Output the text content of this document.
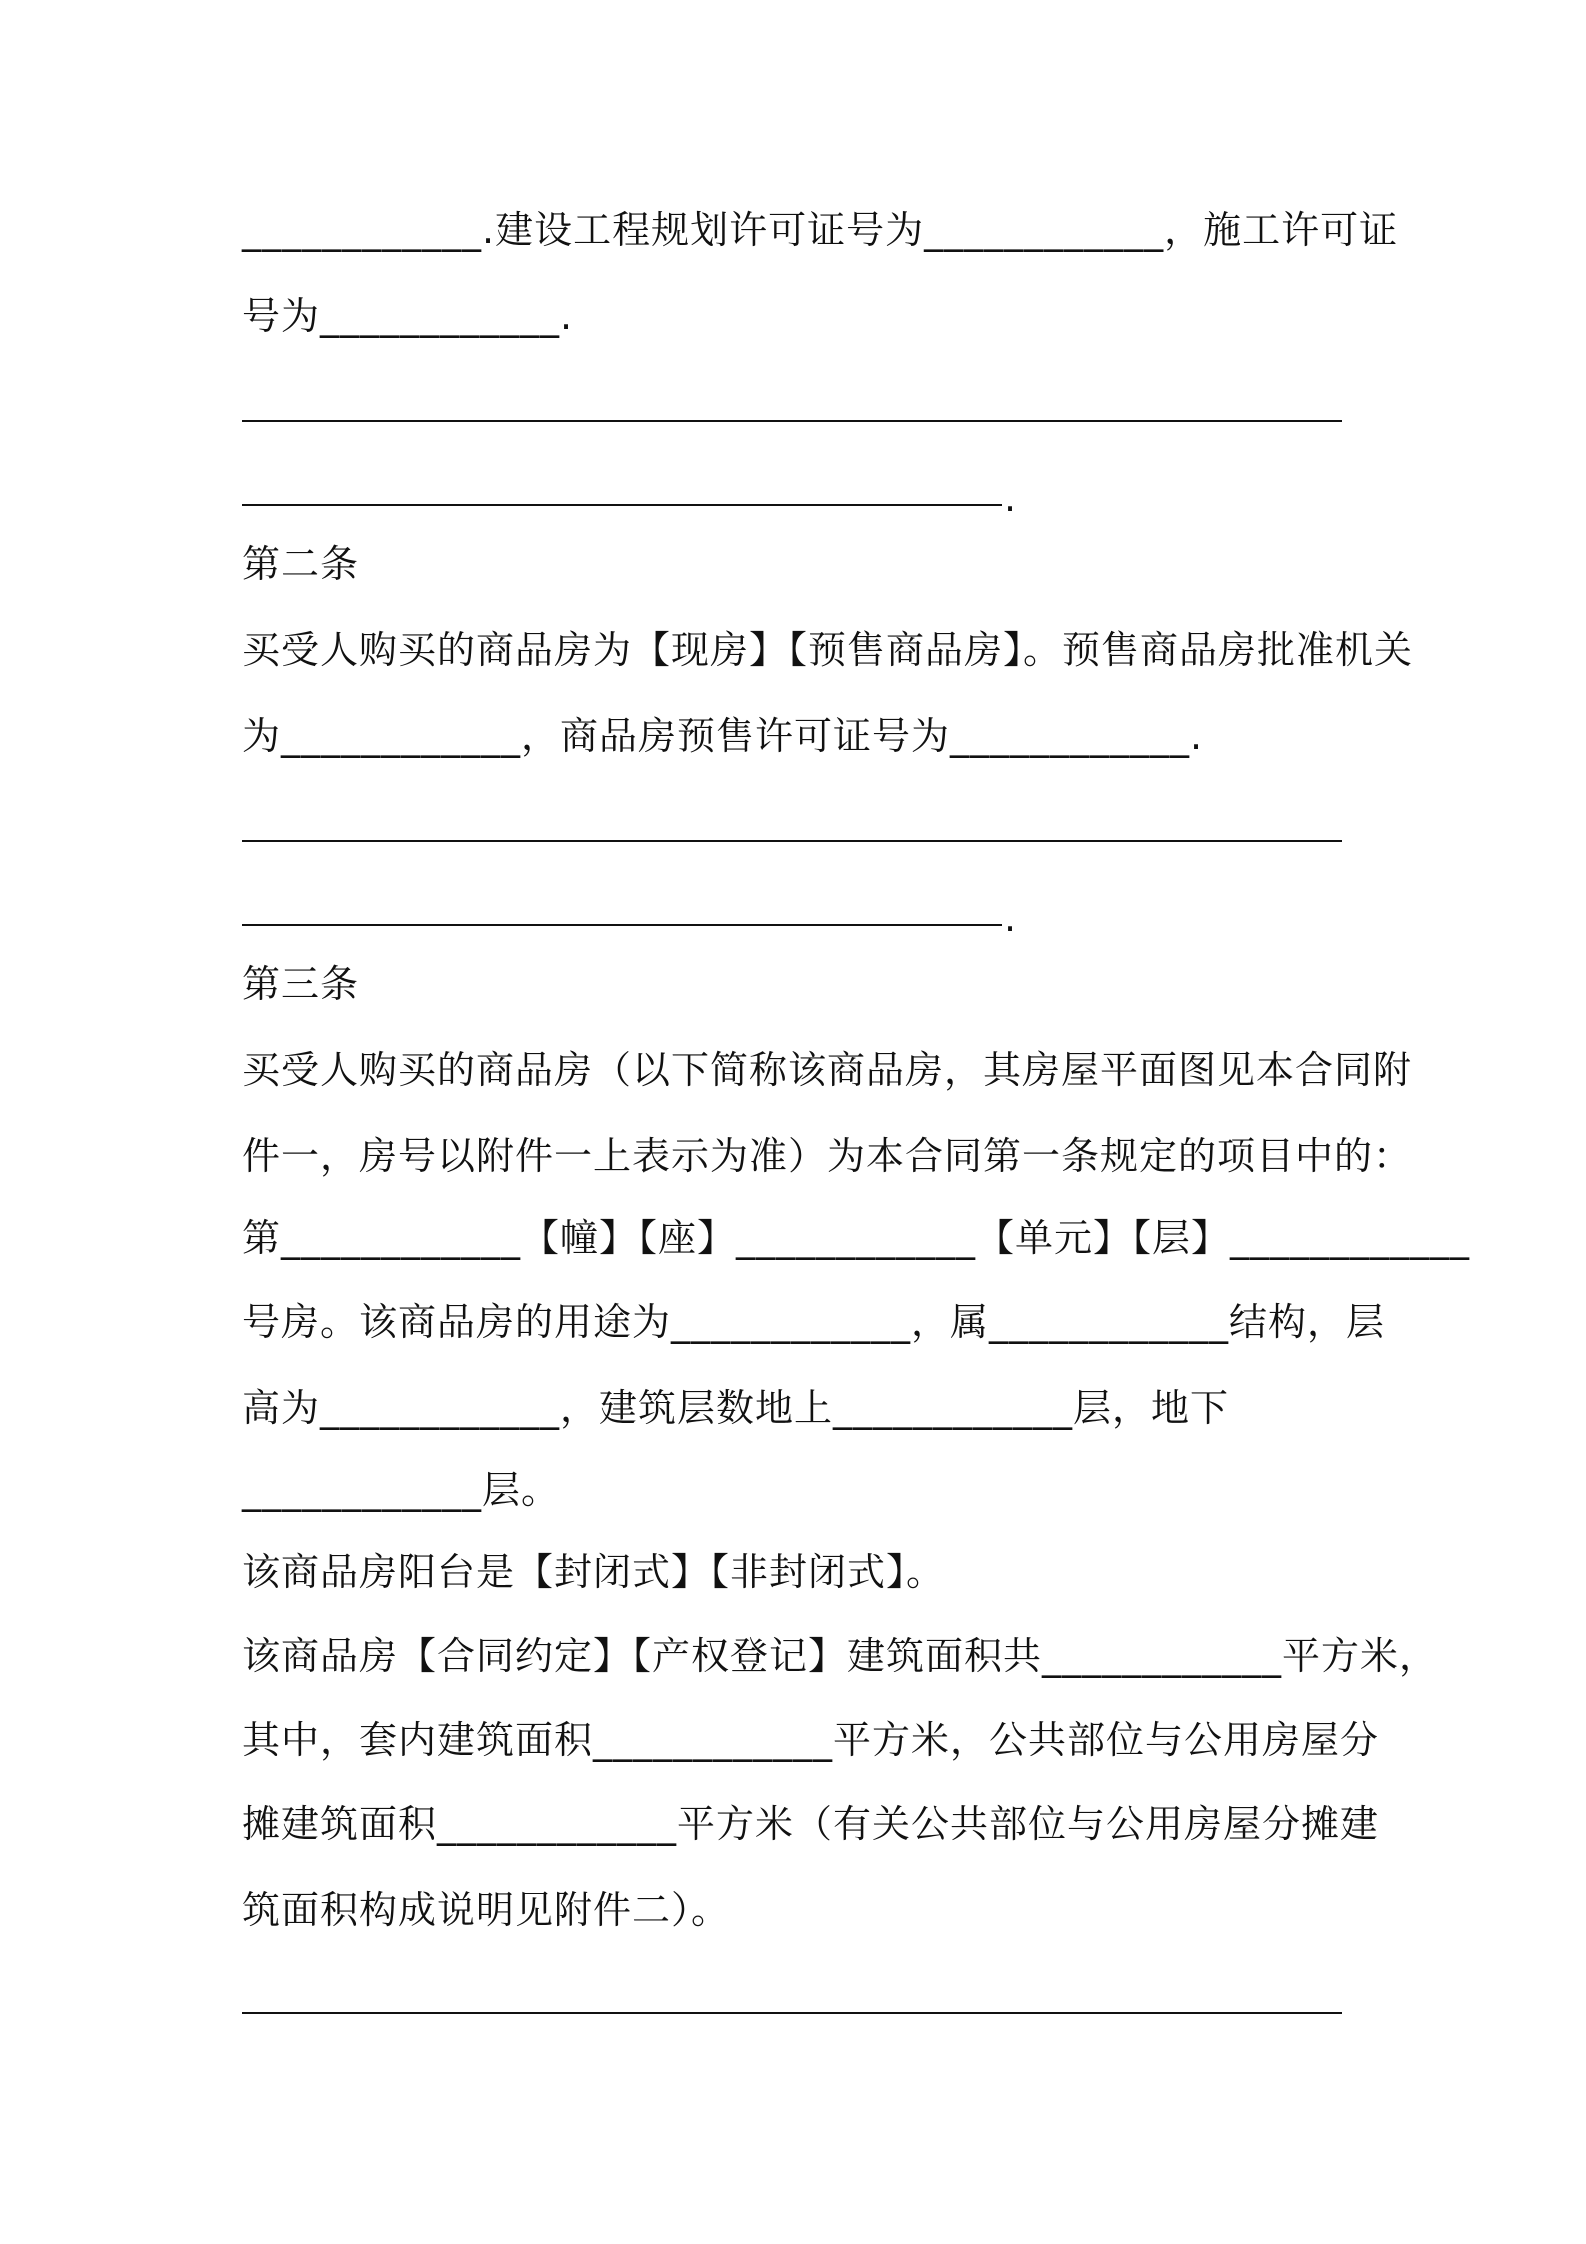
____________.建设工程规划许可证号为____________，施工许可证
号为____________.
.
第二条
买受人购买的商品房为【现房】【预售商品房】。预售商品房批准机关
为____________，商品房预售许可证号为____________.
.
第三条
买受人购买的商品房（以下简称该商品房，其房屋平面图见本合同附
件一，房号以附件一上表示为准）为本合同第一条规定的项目中的：
第____________【幢】【座】____________【单元】【层】____________
号房。该商品房的用途为____________，属____________结构，层
高为____________，建筑层数地上____________层，地下
____________层。
该商品房阳台是【封闭式】【非封闭式】。
该商品房【合同约定】【产权登记】建筑面积共____________平方米，
其中，套内建筑面积____________平方米，公共部位与公用房屋分
摊建筑面积____________平方米（有关公共部位与公用房屋分摊建
筑面积构成说明见附件二）。
